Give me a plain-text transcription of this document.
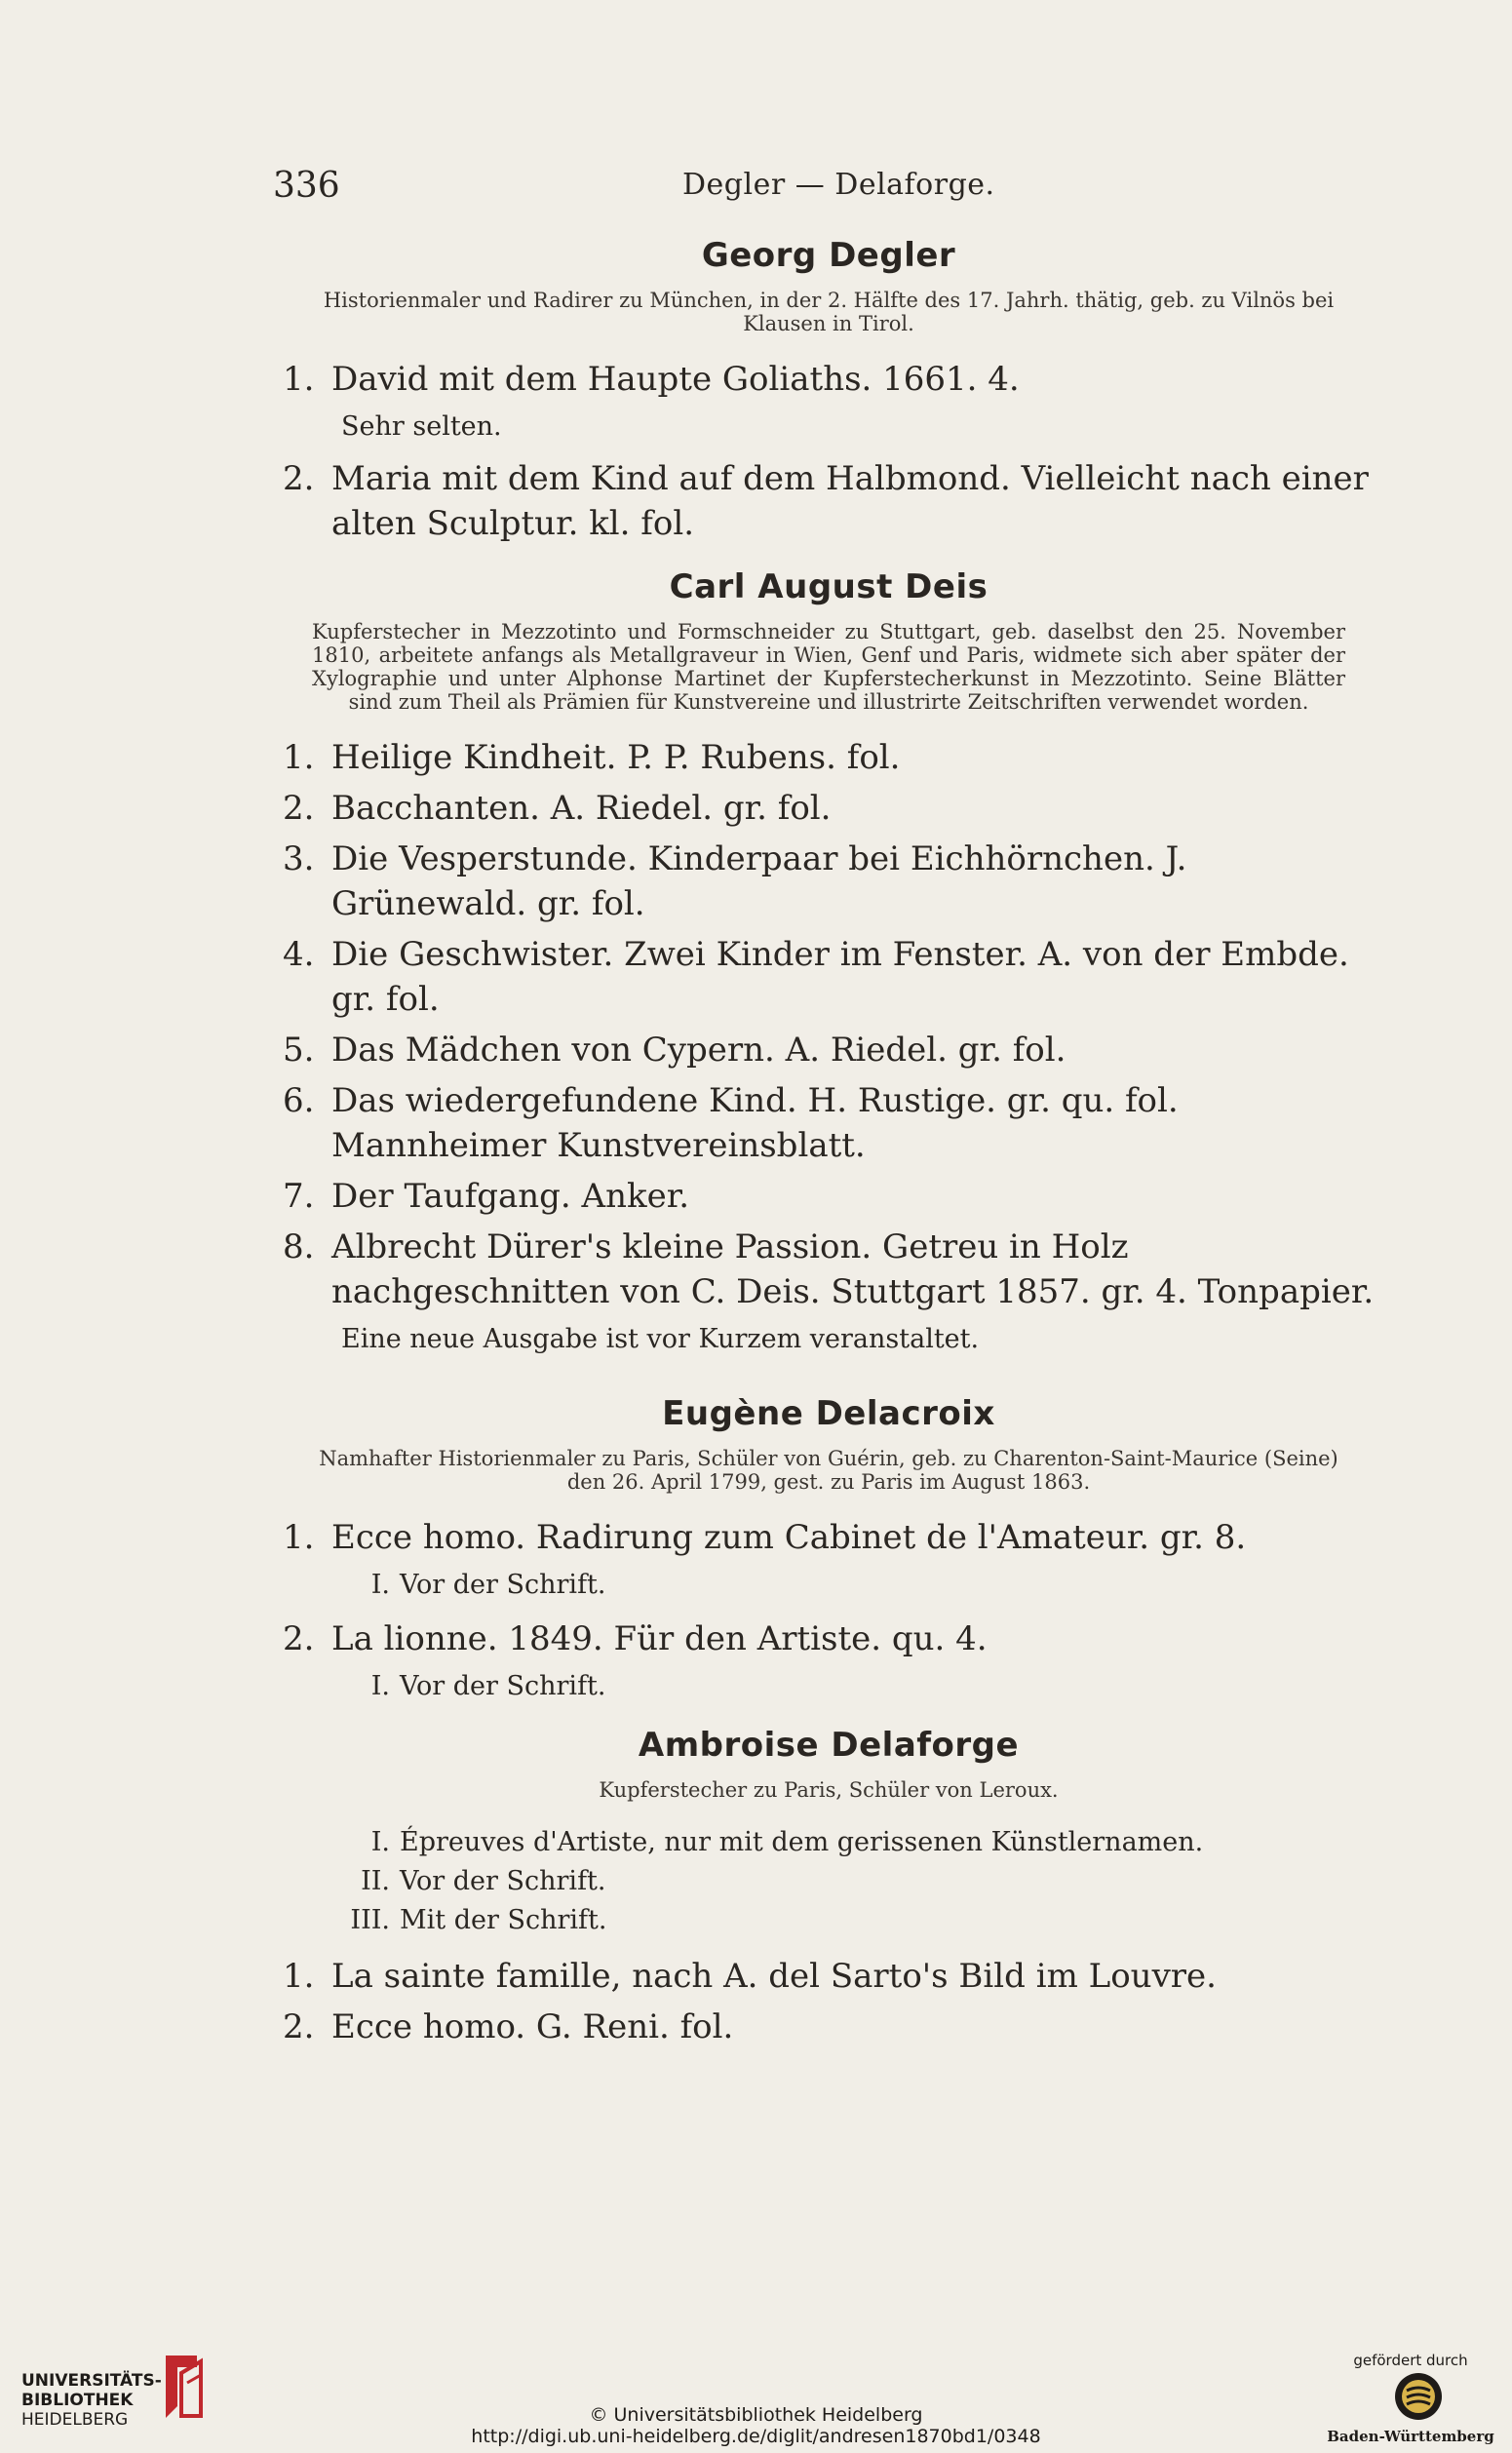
336	Degler — Delaforge.
Georg Degler
Historienmaler und Radirer zu München, in der 2. Hälfte des 17. Jahrh. thätig, geb. zu Vilnös bei Klausen in Tirol.
1. David mit dem Haupte Goliaths. 1661. 4.
Sehr selten.
2. Maria mit dem Kind auf dem Halbmond. Vielleicht nach einer alten Sculptur. kl. fol.
Carl August Deis
Kupferstecher in Mezzotinto und Formschneider zu Stuttgart, geb. daselbst den 25. November 1810, arbeitete anfangs als Metallgraveur in Wien, Genf und Paris, widmete sich aber später der Xylographie und unter Alphonse Martinet der Kupferstecherkunst in Mezzotinto. Seine Blätter sind zum Theil als Prämien für Kunstvereine und illustrirte Zeitschriften verwendet worden.
1. Heilige Kindheit. P. P. Rubens. fol.
2. Bacchanten. A. Riedel. gr. fol.
3. Die Vesperstunde. Kinderpaar bei Eichhörnchen. J. Grünewald. gr. fol.
4. Die Geschwister. Zwei Kinder im Fenster. A. von der Embde. gr. fol.
5. Das Mädchen von Cypern. A. Riedel. gr. fol.
6. Das wiedergefundene Kind. H. Rustige. gr. qu. fol. Mannheimer Kunstvereinsblatt.
7. Der Taufgang. Anker.
8. Albrecht Dürer's kleine Passion. Getreu in Holz nachgeschnitten von C. Deis. Stuttgart 1857. gr. 4. Tonpapier.
Eine neue Ausgabe ist vor Kurzem veranstaltet.
Eugène Delacroix
Namhafter Historienmaler zu Paris, Schüler von Guérin, geb. zu Charenton-Saint-Maurice (Seine) den 26. April 1799, gest. zu Paris im August 1863.
1. Ecce homo. Radirung zum Cabinet de l'Amateur. gr. 8.
I. Vor der Schrift.
2. La lionne. 1849. Für den Artiste. qu. 4.
I. Vor der Schrift.
Ambroise Delaforge
Kupferstecher zu Paris, Schüler von Leroux.
I. Épreuves d'Artiste, nur mit dem gerissenen Künstlernamen.
II. Vor der Schrift.
III. Mit der Schrift.
1. La sainte famille, nach A. del Sarto's Bild im Louvre.
2. Ecce homo. G. Reni. fol.
UNIVERSITÄTS-
BIBLIOTHEK
HEIDELBERG	© Universitätsbibliothek Heidelberg
http://digi.ub.uni-heidelberg.de/diglit/andresen1870bd1/0348
gefördert durch
Baden-Württemberg
